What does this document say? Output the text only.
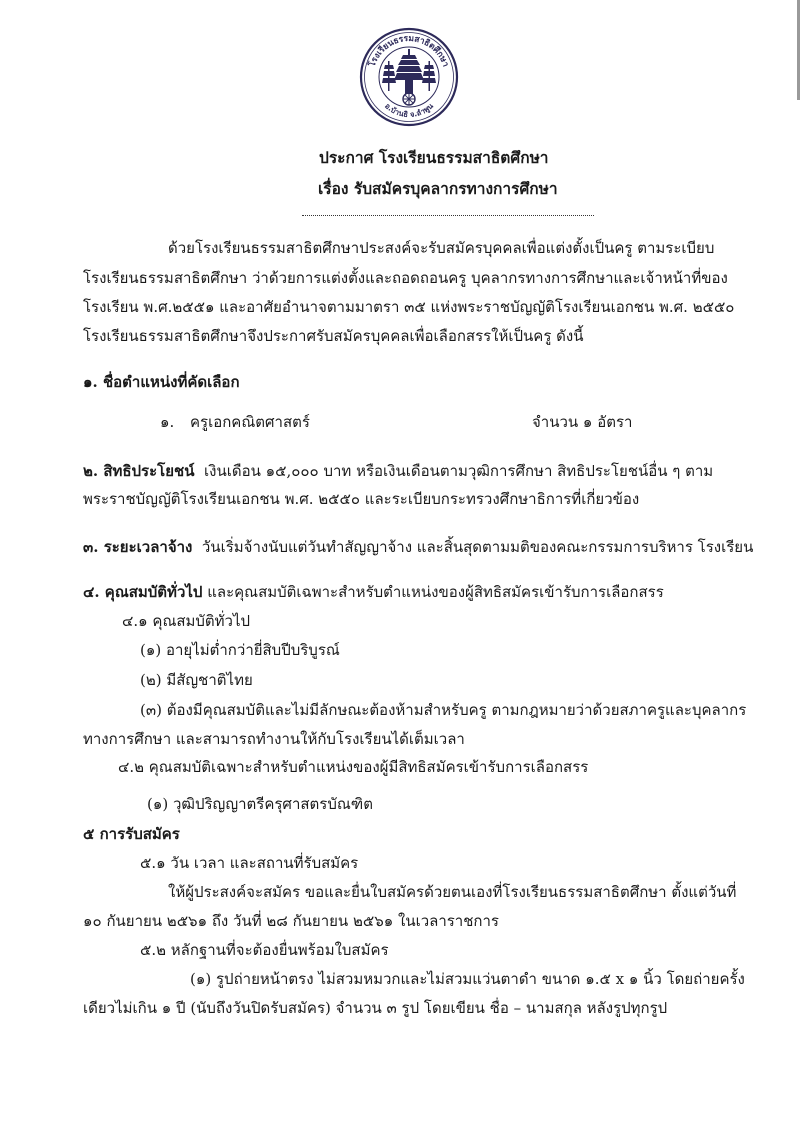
โรงเรียนธรรมสาธิตศึกษา
อ.บ้านธิ จ.ลำพูน
ประกาศ โรงเรียนธรรมสาธิตศึกษา
เรื่อง รับสมัครบุคลากรทางการศึกษา
ด้วยโรงเรียนธรรมสาธิตศึกษาประสงค์จะรับสมัครบุคคลเพื่อแต่งตั้งเป็นครู ตามระเบียบ
โรงเรียนธรรมสาธิตศึกษา ว่าด้วยการแต่งตั้งและถอดถอนครู บุคลากรทางการศึกษาและเจ้าหน้าที่ของ
โรงเรียน พ.ศ.๒๕๕๑ และอาศัยอำนาจตามมาตรา ๓๕ แห่งพระราชบัญญัติโรงเรียนเอกชน พ.ศ. ๒๕๕๐
โรงเรียนธรรมสาธิตศึกษาจึงประกาศรับสมัครบุคคลเพื่อเลือกสรรให้เป็นครู ดังนี้
๑. ชื่อตำแหน่งที่คัดเลือก
๑. ครูเอกคณิตศาสตร์	จำนวน ๑ อัตรา
๒. สิทธิประโยชน์ เงินเดือน ๑๕,๐๐๐ บาท หรือเงินเดือนตามวุฒิการศึกษา สิทธิประโยชน์อื่น ๆ ตาม
พระราชบัญญัติโรงเรียนเอกชน พ.ศ. ๒๕๕๐ และระเบียบกระทรวงศึกษาธิการที่เกี่ยวข้อง
๓. ระยะเวลาจ้าง วันเริ่มจ้างนับแต่วันทำสัญญาจ้าง และสิ้นสุดตามมติของคณะกรรมการบริหาร โรงเรียน
๔. คุณสมบัติทั่วไป และคุณสมบัติเฉพาะสำหรับตำแหน่งของผู้สิทธิสมัครเข้ารับการเลือกสรร
๔.๑ คุณสมบัติทั่วไป
(๑) อายุไม่ต่ำกว่ายี่สิบปีบริบูรณ์
(๒) มีสัญชาติไทย
(๓) ต้องมีคุณสมบัติและไม่มีลักษณะต้องห้ามสำหรับครู ตามกฎหมายว่าด้วยสภาครูและบุคลากร
ทางการศึกษา และสามารถทำงานให้กับโรงเรียนได้เต็มเวลา
๔.๒ คุณสมบัติเฉพาะสำหรับตำแหน่งของผู้มีสิทธิสมัครเข้ารับการเลือกสรร
(๑) วุฒิปริญญาตรีครุศาสตรบัณฑิต
๕ การรับสมัคร
๕.๑ วัน เวลา และสถานที่รับสมัคร
ให้ผู้ประสงค์จะสมัคร ขอและยื่นใบสมัครด้วยตนเองที่โรงเรียนธรรมสาธิตศึกษา ตั้งแต่วันที่
๑๐ กันยายน ๒๕๖๑ ถึง วันที่ ๒๘ กันยายน ๒๕๖๑ ในเวลาราชการ
๕.๒ หลักฐานที่จะต้องยื่นพร้อมใบสมัคร
(๑) รูปถ่ายหน้าตรง ไม่สวมหมวกและไม่สวมแว่นตาดำ ขนาด ๑.๕ x ๑ นิ้ว โดยถ่ายครั้ง
เดียวไม่เกิน ๑ ปี (นับถึงวันปิดรับสมัคร) จำนวน ๓ รูป โดยเขียน ชื่อ – นามสกุล หลังรูปทุกรูป
